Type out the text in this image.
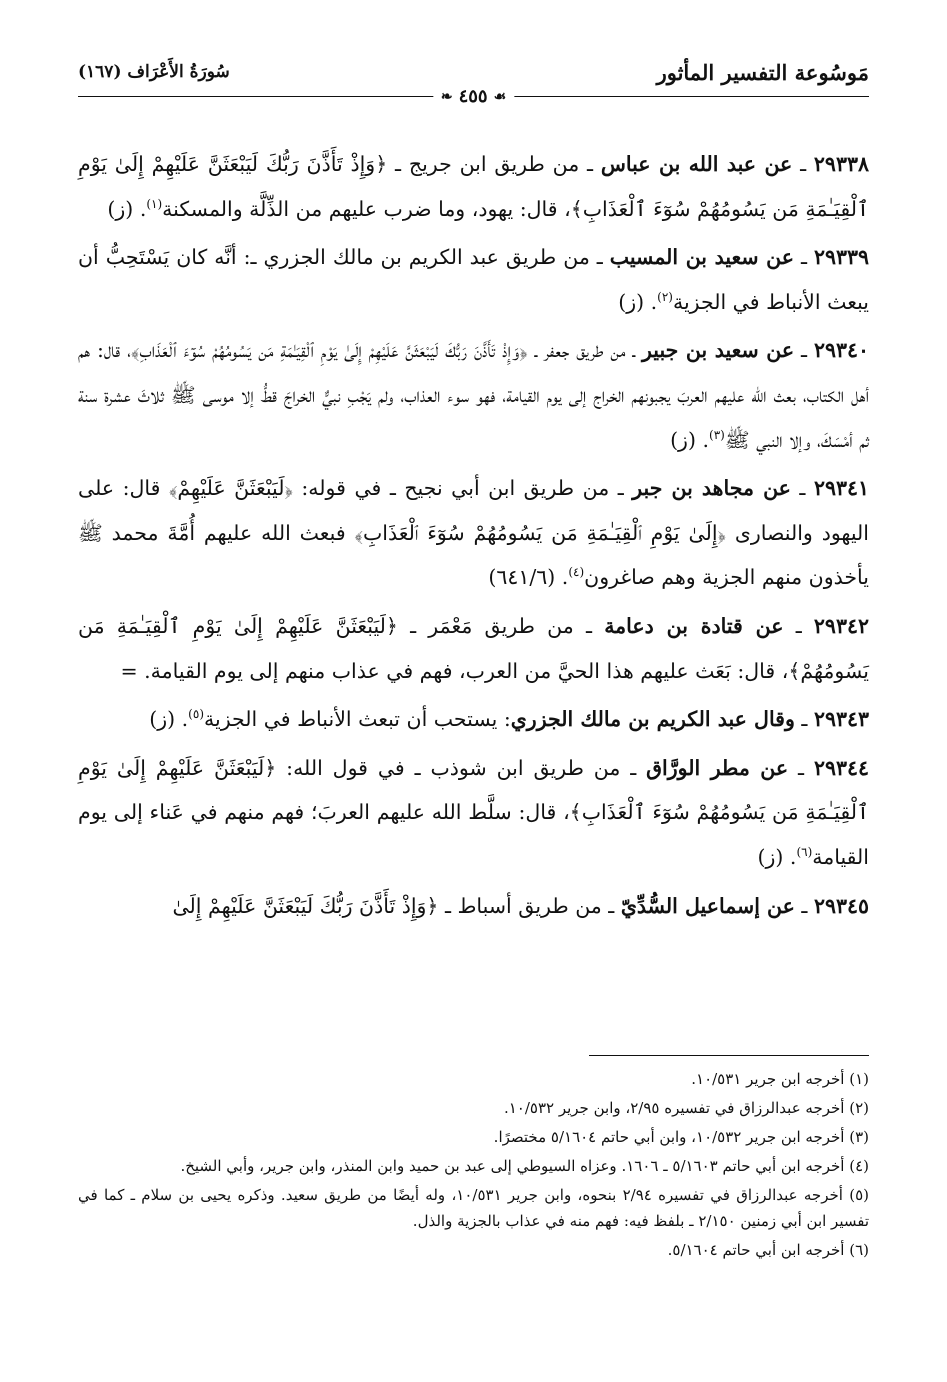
مَوسُوعة التفسير المأثور
سُورَةُ الأَعْرَاف (١٦٧)
❧ ٤٥٥ ☙

٢٩٣٣٨ ـ عن عبد الله بن عباس ـ من طريق ابن جريج ـ ﴿وَإِذْ تَأَذَّنَ رَبُّكَ لَيَبْعَثَنَّ عَلَيْهِمْ إِلَىٰ يَوْمِ ٱلْقِيَـٰمَةِ مَن يَسُومُهُمْ سُوٓءَ ٱلْعَذَابِ﴾، قال: يهود، وما ضرب عليهم من الذِّلَّة والمسكنة$^{(١)}$. (ز)

٢٩٣٣٩ ـ عن سعيد بن المسيب ـ من طريق عبد الكريم بن مالك الجزري ـ: أنَّه كان يَسْتَحِبُّ أن يبعث الأنباط في الجزية$^{(٢)}$. (ز)

٢٩٣٤٠ ـ عن سعيد بن جبير ـ من طريق جعفر ـ ﴿وَإِذْ تَأَذَّنَ رَبُّكَ لَيَبْعَثَنَّ عَلَيْهِمْ إِلَىٰ يَوْمِ ٱلْقِيَـٰمَةِ مَن يَسُومُهُمْ سُوٓءَ ٱلْعَذَابِ﴾، قال: هم أهل الكتاب، بعث الله عليهم العربَ يجبونهم الخراج إلى يوم القيامة، فهو سوء العذاب، ولم يَجْبِ نبيٌّ الخراجَ قطُّ إلا موسى ﷺ ثلاثَ عشرة سنة ثم أمْسَكَ، وإلا النبي ﷺ$^{(٣)}$. (ز)

٢٩٣٤١ ـ عن مجاهد بن جبر ـ من طريق ابن أبي نجيح ـ في قوله: ﴿لَيَبْعَثَنَّ عَلَيْهِمْ﴾ قال: على اليهود والنصارى ﴿إِلَىٰ يَوْمِ ٱلْقِيَـٰمَةِ مَن يَسُومُهُمْ سُوٓءَ ٱلْعَذَابِ﴾ فبعث الله عليهم أُمَّةَ محمد ﷺ يأخذون منهم الجزية وهم صاغرون$^{(٤)}$. (٦٤١/٦)

٢٩٣٤٢ ـ عن قتادة بن دعامة ـ من طريق مَعْمَر ـ ﴿لَيَبْعَثَنَّ عَلَيْهِمْ إِلَىٰ يَوْمِ ٱلْقِيَـٰمَةِ مَن يَسُومُهُمْ﴾، قال: بَعَث عليهم هذا الحيَّ من العرب، فهم في عذاب منهم إلى يوم القيامة. =

٢٩٣٤٣ ـ وقال عبد الكريم بن مالك الجزري: يستحب أن تبعث الأنباط في الجزية$^{(٥)}$. (ز)

٢٩٣٤٤ ـ عن مطر الورَّاق ـ من طريق ابن شوذب ـ في قول الله: ﴿لَيَبْعَثَنَّ عَلَيْهِمْ إِلَىٰ يَوْمِ ٱلْقِيَـٰمَةِ مَن يَسُومُهُمْ سُوٓءَ ٱلْعَذَابِ﴾، قال: سلَّط الله عليهم العربَ؛ فهم منهم في عَناء إلى يوم القيامة$^{(٦)}$. (ز)

٢٩٣٤٥ ـ عن إسماعيل السُّدِّيّ ـ من طريق أسباط ـ ﴿وَإِذْ تَأَذَّنَ رَبُّكَ لَيَبْعَثَنَّ عَلَيْهِمْ إِلَىٰ

(١) أخرجه ابن جرير ١٠/٥٣١.

(٢) أخرجه عبدالرزاق في تفسيره ٢/٩٥، وابن جرير ١٠/٥٣٢.

(٣) أخرجه ابن جرير ١٠/٥٣٢، وابن أبي حاتم ٥/١٦٠٤ مختصرًا.

(٤) أخرجه ابن أبي حاتم ٥/١٦٠٣ ـ ١٦٠٦. وعزاه السيوطي إلى عبد بن حميد وابن المنذر، وابن جرير، وأبي الشيخ.

(٥) أخرجه عبدالرزاق في تفسيره ٢/٩٤ بنحوه، وابن جرير ١٠/٥٣١، وله أيضًا من طريق سعيد. وذكره يحيى بن سلام ـ كما في تفسير ابن أبي زمنين ٢/١٥٠ ـ بلفظ فيه: فهم منه في عذاب بالجزية والذل.

(٦) أخرجه ابن أبي حاتم ٥/١٦٠٤.
